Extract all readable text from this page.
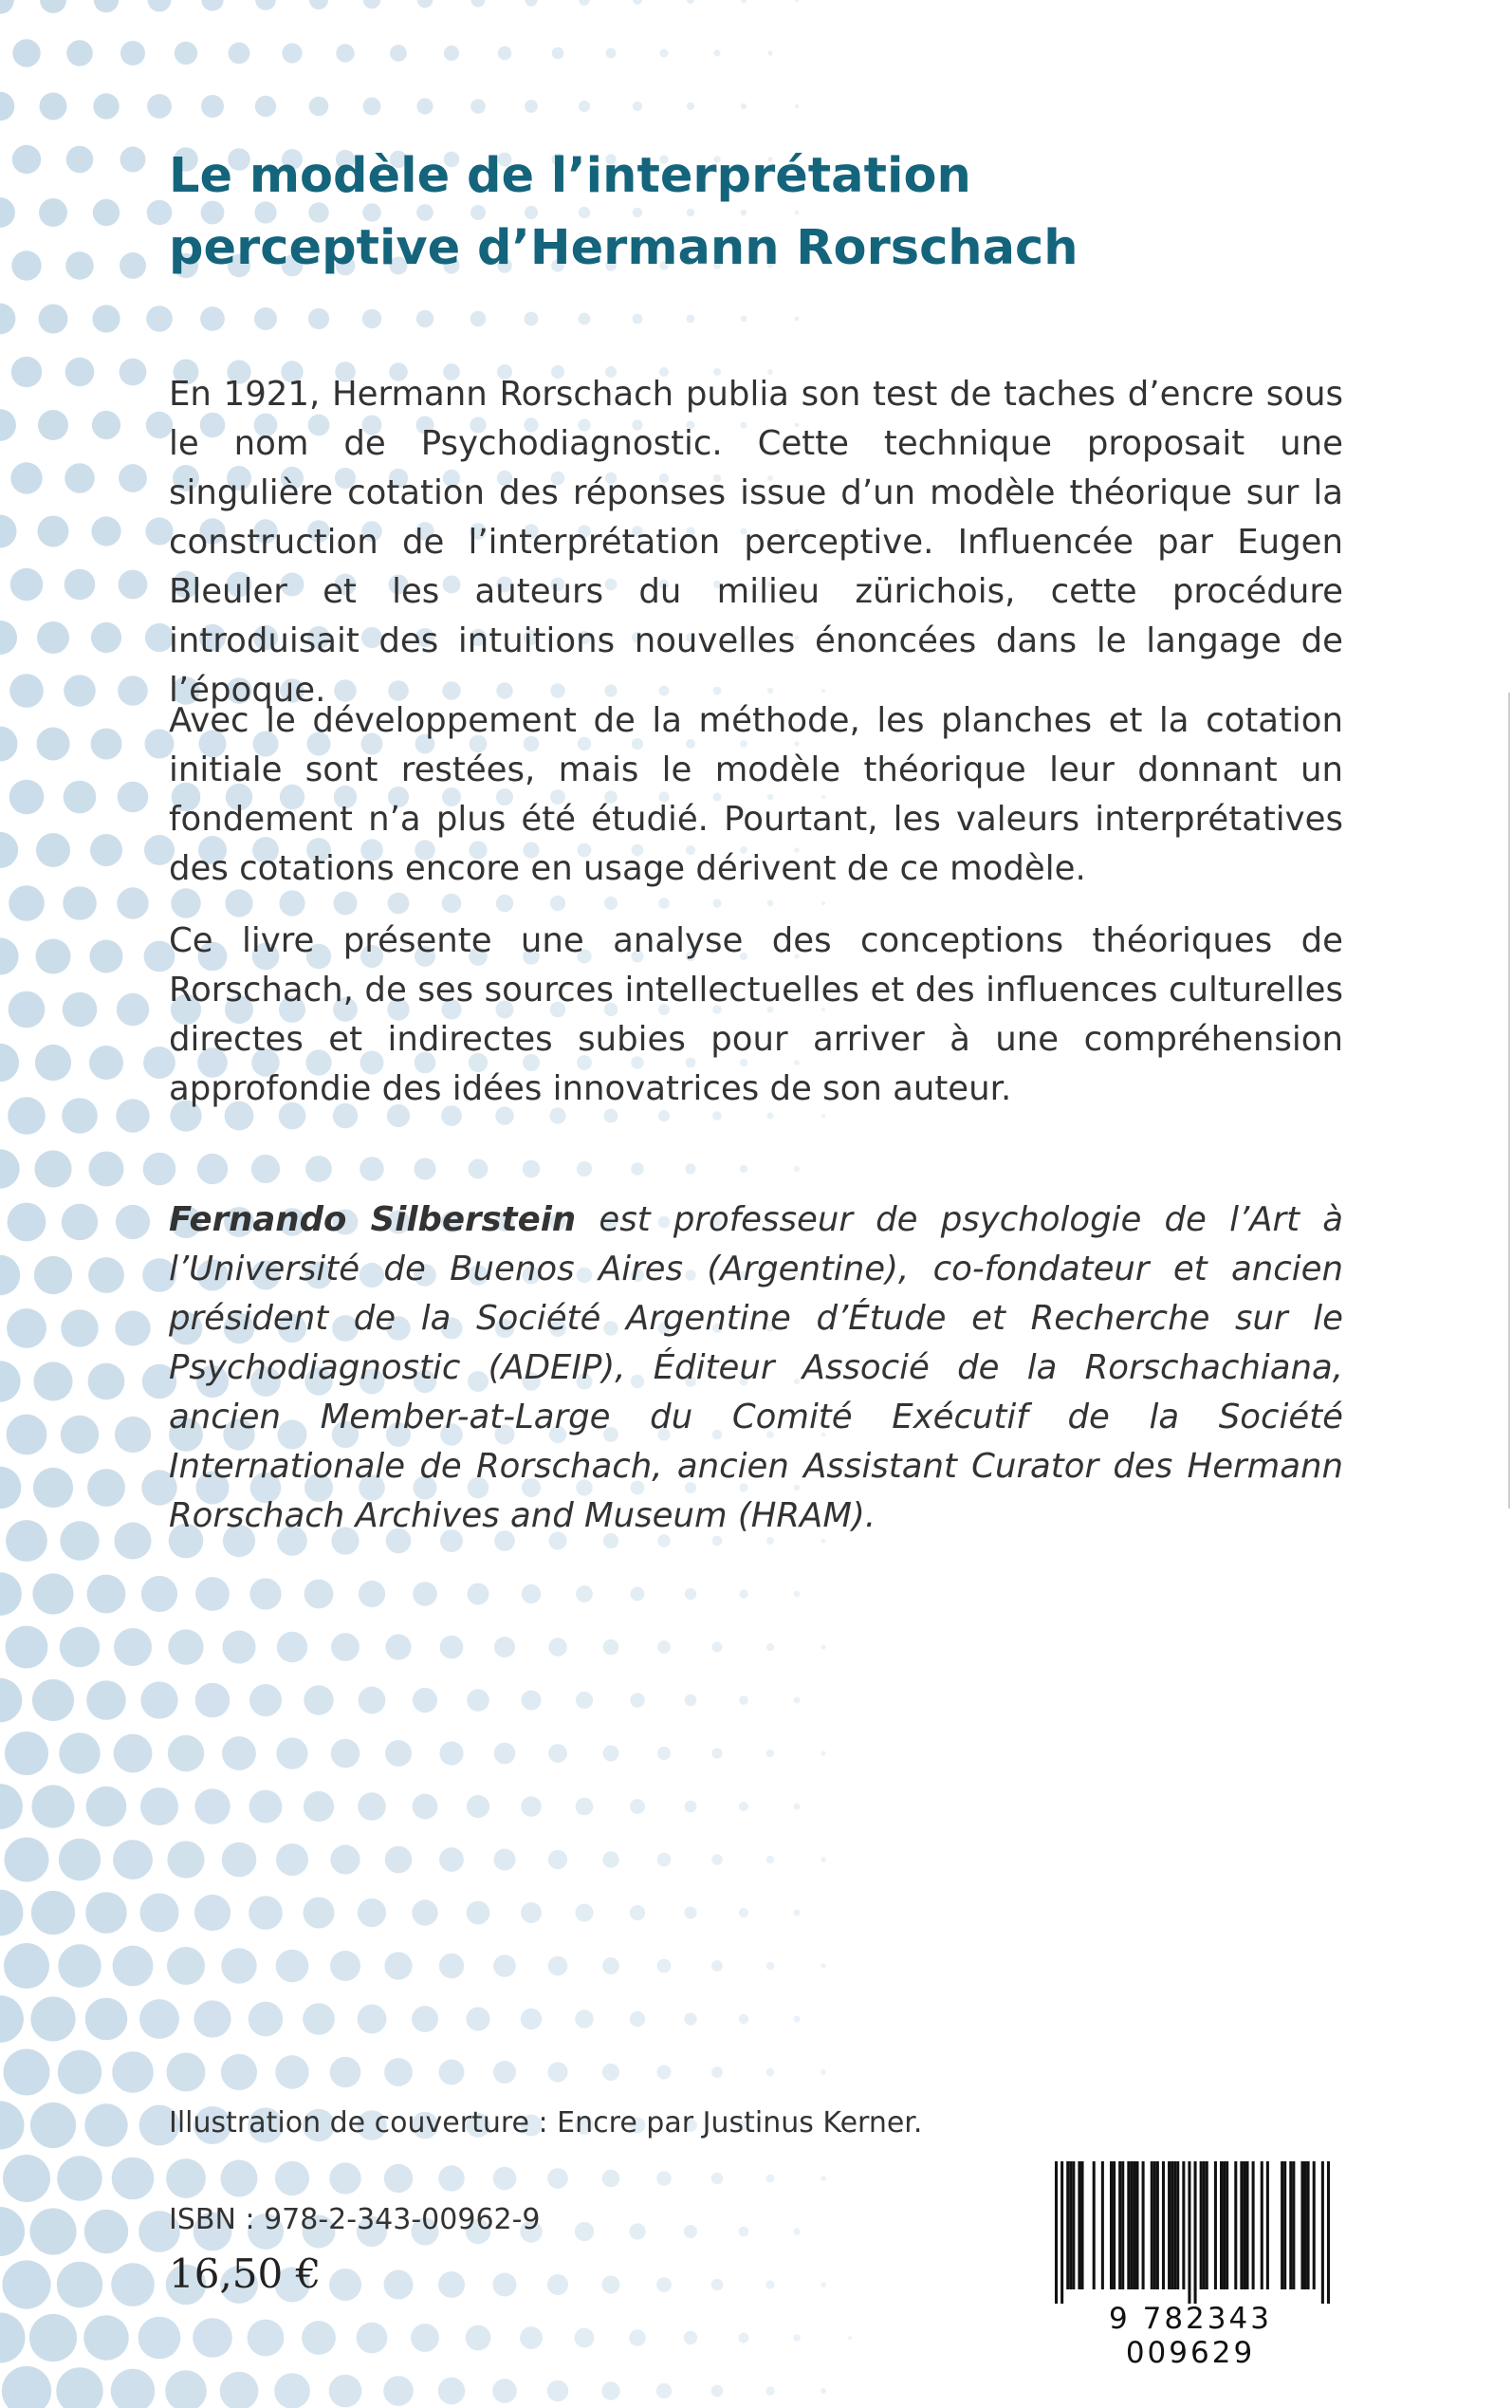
Le modèle de l’interprétation
perceptive d’Hermann Rorschach

En 1921, Hermann Rorschach publia son test de taches d’encre sous le nom de Psychodiagnostic. Cette technique proposait une singulière cotation des réponses issue d’un modèle théorique sur la construction de l’interprétation perceptive. Influencée par Eugen Bleuler et les auteurs du milieu zürichois, cette procédure introduisait des intuitions nouvelles énoncées dans le langage de l’époque.

Avec le développement de la méthode, les planches et la cotation initiale sont restées, mais le modèle théorique leur donnant un fondement n’a plus été étudié. Pourtant, les valeurs interprétatives des cotations encore en usage dérivent de ce modèle.

Ce livre présente une analyse des conceptions théoriques de Rorschach, de ses sources intellectuelles et des influences culturelles directes et indirectes subies pour arriver à une compréhension approfondie des idées innovatrices de son auteur.

Fernando Silberstein est professeur de psychologie de l’Art à l’Université de Buenos Aires (Argentine), co-fondateur et ancien président de la Société Argentine d’Étude et Recherche sur le Psychodiagnostic (ADEIP), Éditeur Associé de la Rorschachiana, ancien Member-at-Large du Comité Exécutif de la Société Internationale de Rorschach, ancien Assistant Curator des Hermann Rorschach Archives and Museum (HRAM).

Illustration de couverture : Encre par Justinus Kerner.
ISBN : 978-2-343-00962-9
16,50 €
9 782343 009629
